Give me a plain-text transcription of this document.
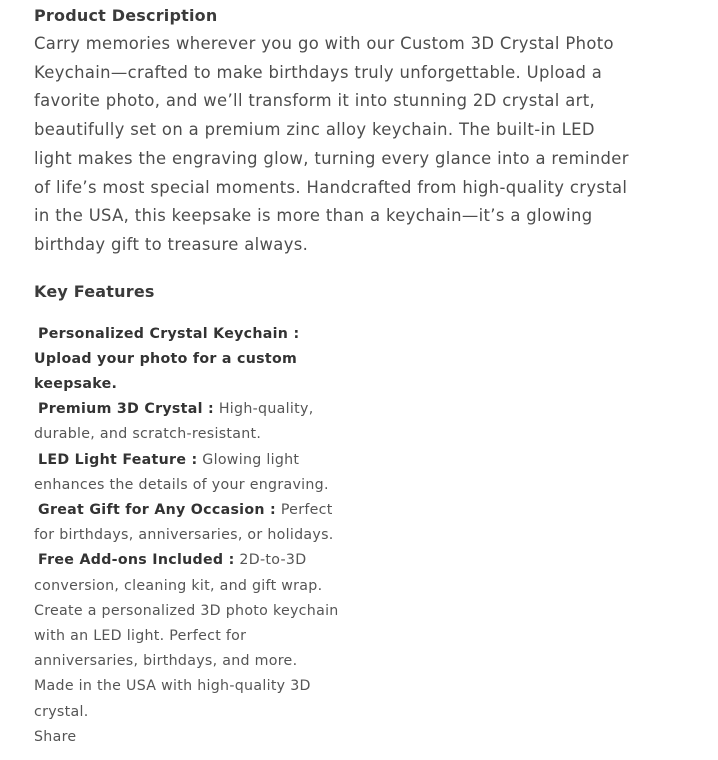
Product Description

Carry memories wherever you go with our Custom 3D Crystal Photo Keychain—crafted to make birthdays truly unforgettable. Upload a favorite photo, and we’ll transform it into stunning 2D crystal art, beautifully set on a premium zinc alloy keychain. The built-in LED light makes the engraving glow, turning every glance into a reminder of life’s most special moments. Handcrafted from high-quality crystal in the USA, this keepsake is more than a keychain—it’s a glowing birthday gift to treasure always.

Key Features
Personalized Crystal Keychain : Upload your photo for a custom keepsake.
Premium 3D Crystal : High-quality, durable, and scratch-resistant.
LED Light Feature : Glowing light enhances the details of your engraving.
Great Gift for Any Occasion : Perfect for birthdays, anniversaries, or holidays.
Free Add-ons Included : 2D-to-3D conversion, cleaning kit, and gift wrap.

Create a personalized 3D photo keychain with an LED light. Perfect for anniversaries, birthdays, and more.

Made in the USA with high-quality 3D crystal.

Share
